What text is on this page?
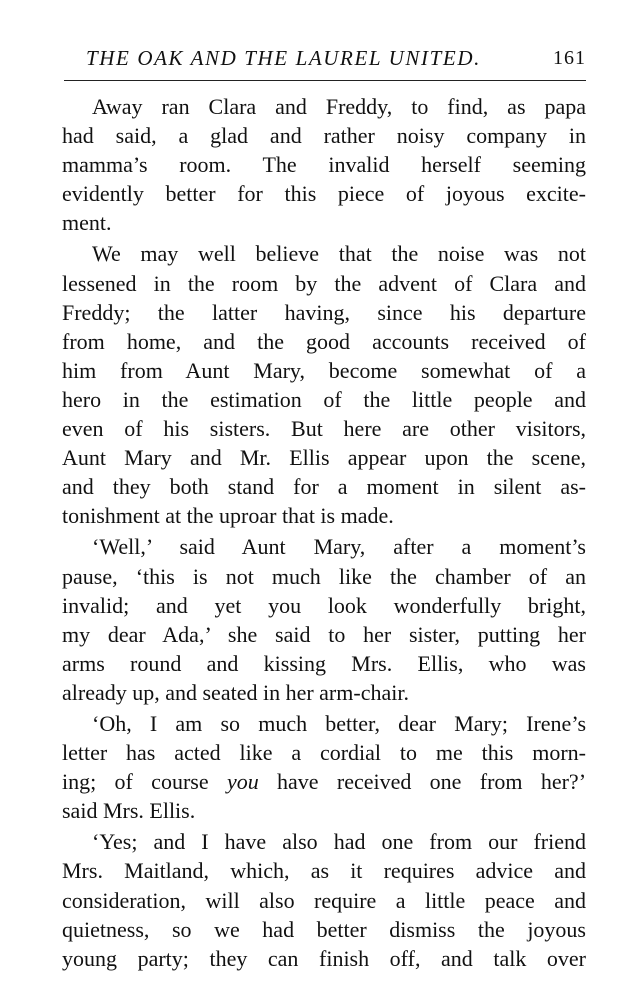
THE OAK AND THE LAUREL UNITED.	161
Away ran Clara and Freddy, to find, as papa
had said, a glad and rather noisy company in
mamma’s room. The invalid herself seeming
evidently better for this piece of joyous excite-
ment.
We may well believe that the noise was not
lessened in the room by the advent of Clara and
Freddy; the latter having, since his departure
from home, and the good accounts received of
him from Aunt Mary, become somewhat of a
hero in the estimation of the little people and
even of his sisters. But here are other visitors,
Aunt Mary and Mr. Ellis appear upon the scene,
and they both stand for a moment in silent as-
tonishment at the uproar that is made.
‘Well,’ said Aunt Mary, after a moment’s
pause, ‘this is not much like the chamber of an
invalid; and yet you look wonderfully bright,
my dear Ada,’ she said to her sister, putting her
arms round and kissing Mrs. Ellis, who was
already up, and seated in her arm-chair.
‘Oh, I am so much better, dear Mary; Irene’s
letter has acted like a cordial to me this morn-
ing; of course you have received one from her?’
said Mrs. Ellis.
‘Yes; and I have also had one from our friend
Mrs. Maitland, which, as it requires advice and
consideration, will also require a little peace and
quietness, so we had better dismiss the joyous
young party; they can finish off, and talk over
